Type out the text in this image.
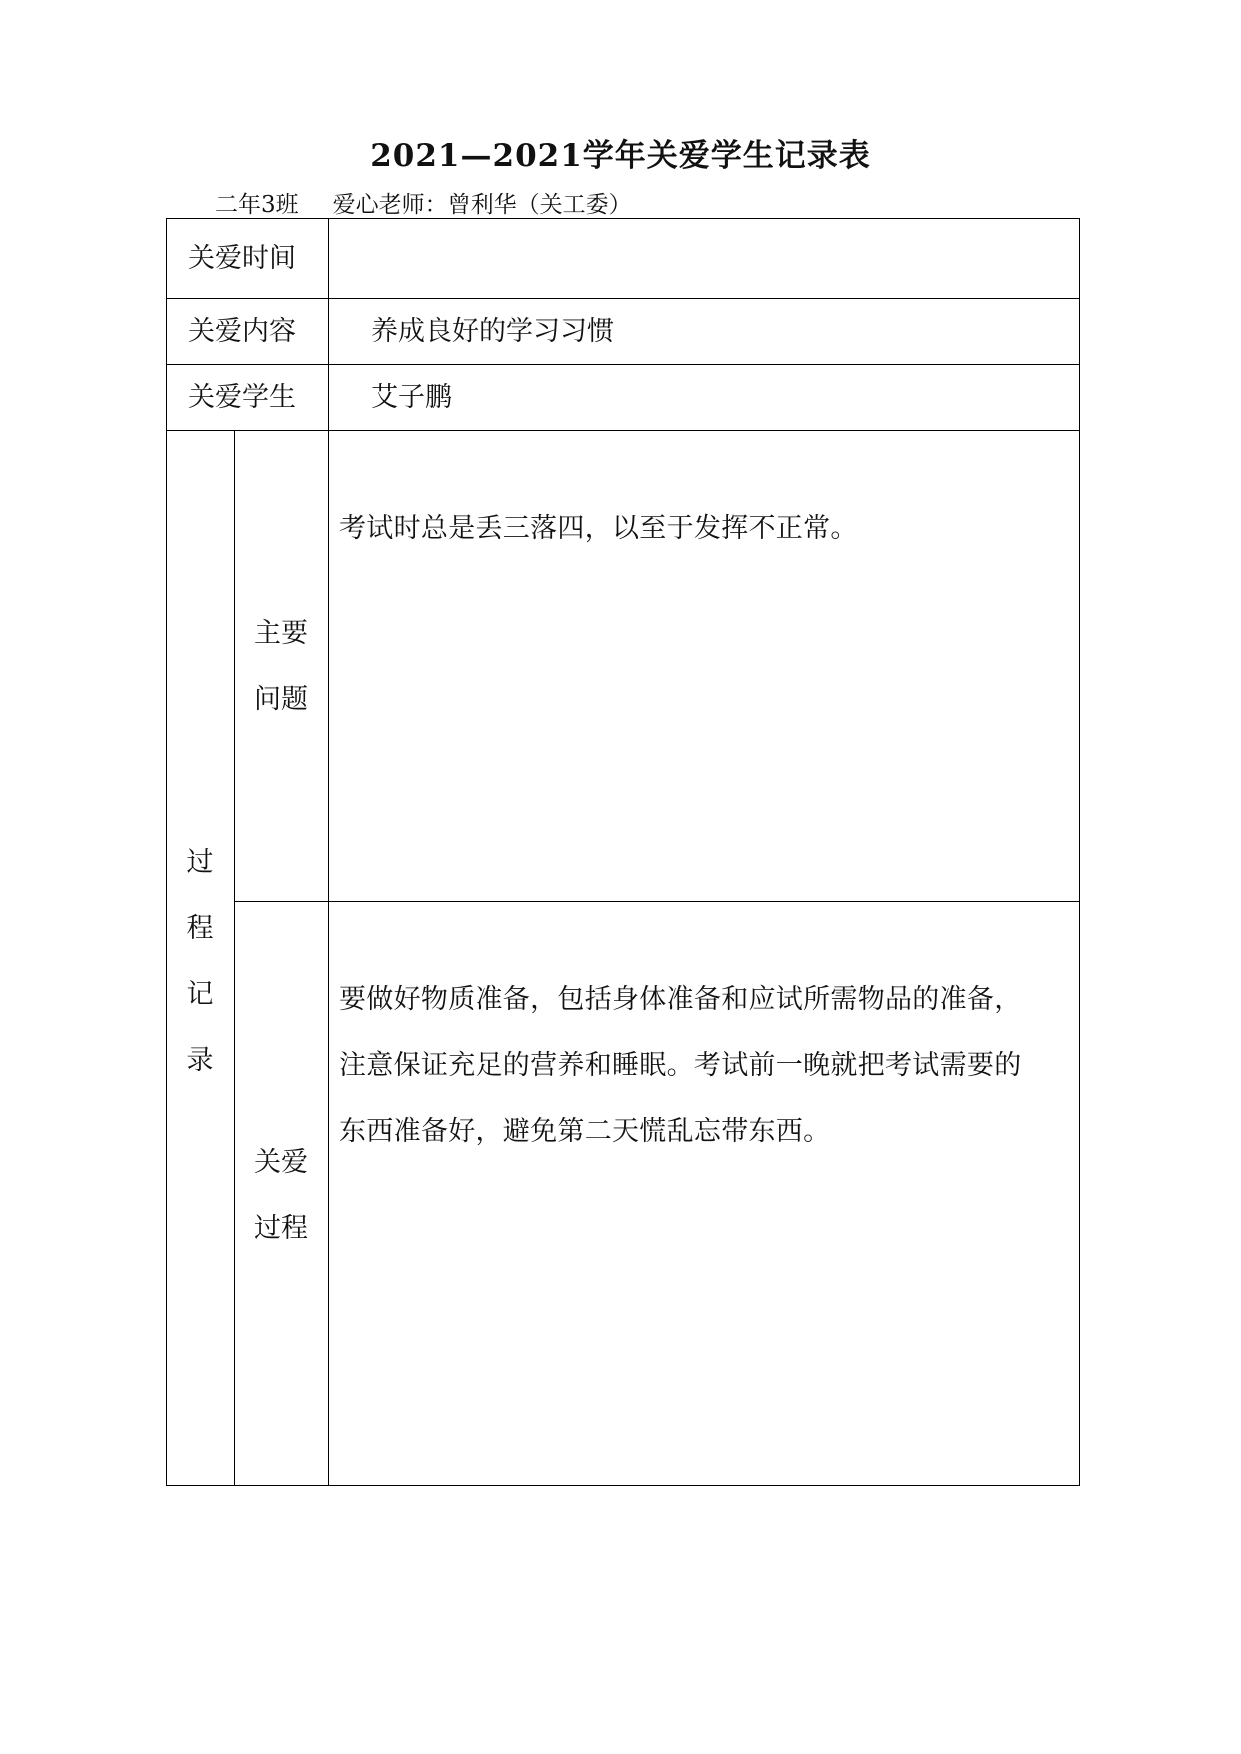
2021—2021学年关爱学生记录表
二年3班 爱心老师：曾利华（关工委）
关爱时间
关爱内容	养成良好的学习习惯
关爱学生	艾子鹏
过
程
记
录
主要
问题
考试时总是丢三落四，以至于发挥不正常。
关爱
过程
要做好物质准备，包括身体准备和应试所需物品的准备，
注意保证充足的营养和睡眠。考试前一晚就把考试需要的
东西准备好，避免第二天慌乱忘带东西。
